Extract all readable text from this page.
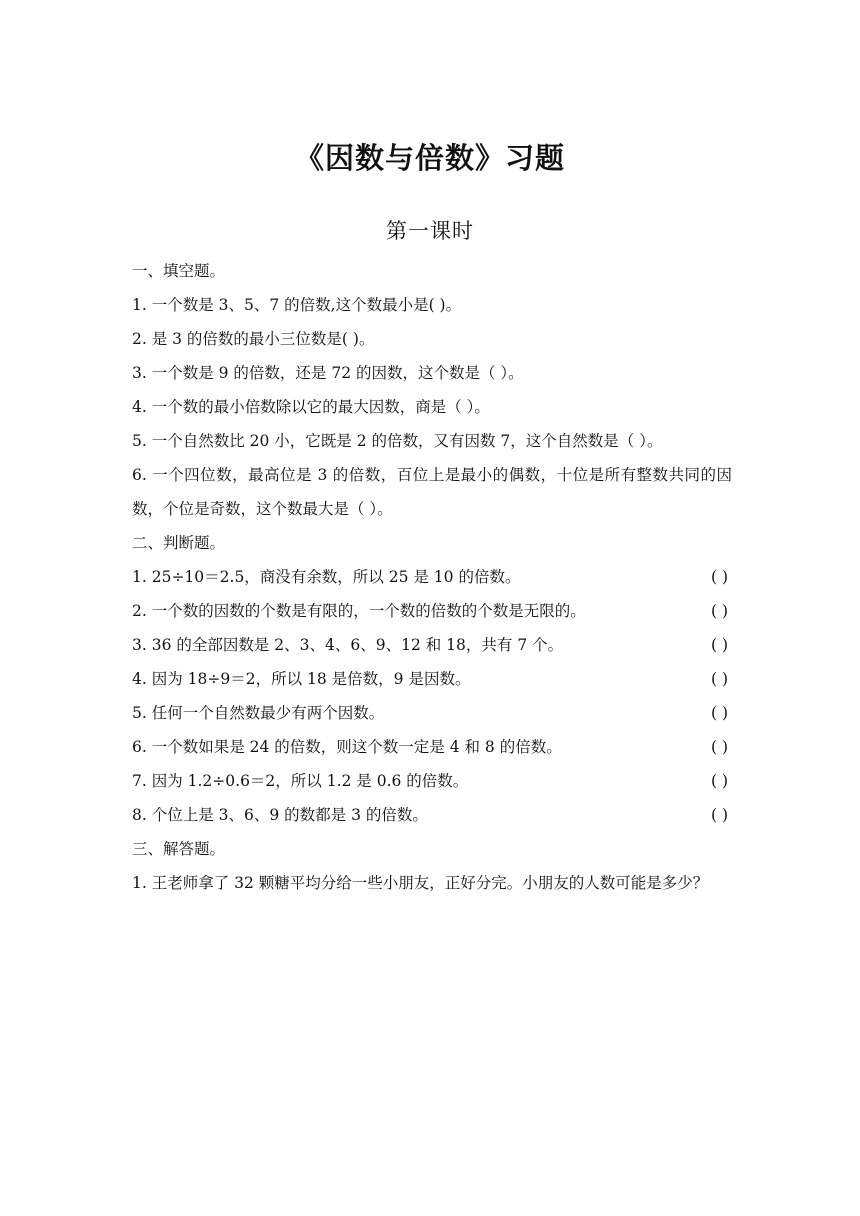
《因数与倍数》习题
第一课时
一、填空题。
1. 一个数是 3、5、7 的倍数,这个数最小是( )。
2. 是 3 的倍数的最小三位数是( )。
3. 一个数是 9 的倍数，还是 72 的因数，这个数是（ ）。
4. 一个数的最小倍数除以它的最大因数，商是（ ）。
5. 一个自然数比 20 小，它既是 2 的倍数，又有因数 7，这个自然数是（ ）。
6. 一个四位数，最高位是 3 的倍数，百位上是最小的偶数，十位是所有整数共同的因数，个位是奇数，这个数最大是（ ）。
二、判断题。
1. 25÷10＝2.5，商没有余数，所以 25 是 10 的倍数。	( )
2. 一个数的因数的个数是有限的，一个数的倍数的个数是无限的。	( )
3. 36 的全部因数是 2、3、4、6、9、12 和 18，共有 7 个。	( )
4. 因为 18÷9＝2，所以 18 是倍数，9 是因数。	( )
5. 任何一个自然数最少有两个因数。	( )
6. 一个数如果是 24 的倍数，则这个数一定是 4 和 8 的倍数。	( )
7. 因为 1.2÷0.6＝2，所以 1.2 是 0.6 的倍数。	( )
8. 个位上是 3、6、9 的数都是 3 的倍数。	( )
三、解答题。
1. 王老师拿了 32 颗糖平均分给一些小朋友，正好分完。小朋友的人数可能是多少？
